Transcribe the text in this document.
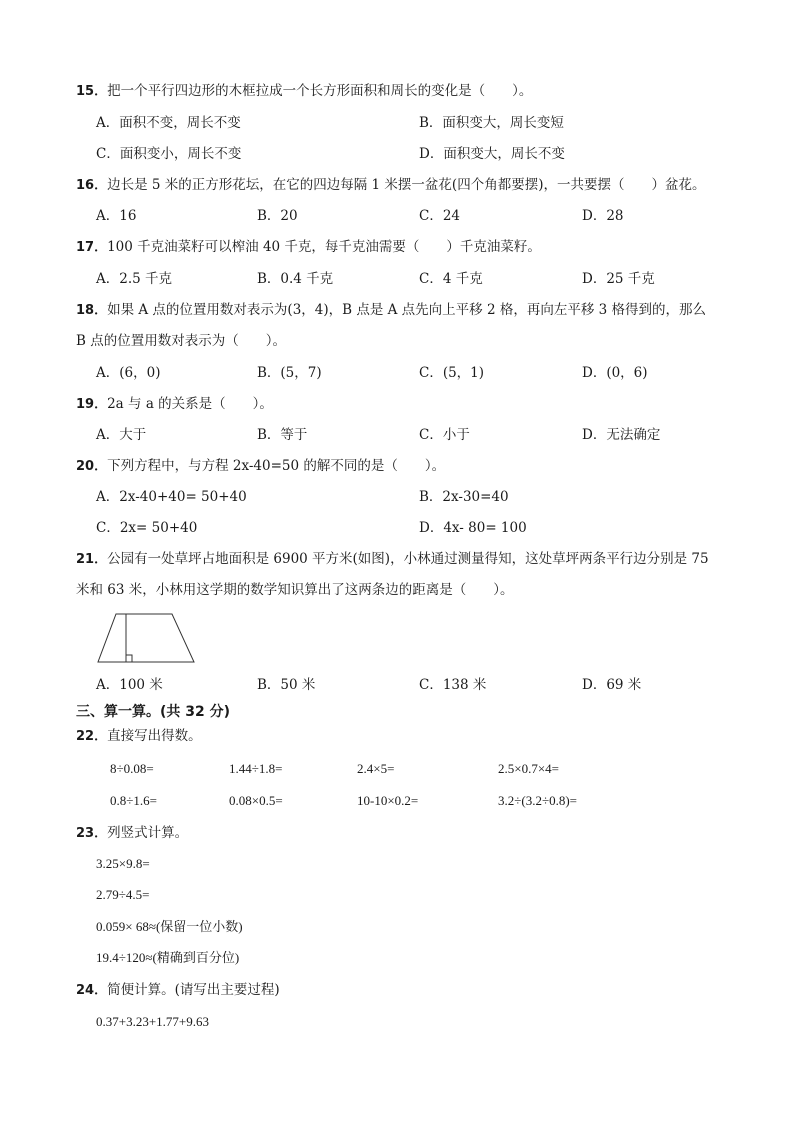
15．把一个平行四边形的木框拉成一个长方形面积和周长的变化是（　　）。
A．面积不变，周长不变	B．面积变大，周长变短
C．面积变小，周长不变	D．面积变大，周长不变
16．边长是 5 米的正方形花坛，在它的四边每隔 1 米摆一盆花(四个角都要摆)，一共要摆（　　）盆花。
A．16	B．20	C．24	D．28
17．100 千克油菜籽可以榨油 40 千克，每千克油需要（　　）千克油菜籽。
A．2.5 千克	B．0.4 千克	C．4 千克	D．25 千克
18．如果 A 点的位置用数对表示为(3，4)，B 点是 A 点先向上平移 2 格，再向左平移 3 格得到的，那么
B 点的位置用数对表示为（　　）。
A．(6，0)	B．(5，7)	C．(5，1)	D．(0，6)
19．2a 与 a 的关系是（　　）。
A．大于	B．等于	C．小于	D．无法确定
20．下列方程中，与方程 2x-40=50 的解不同的是（　　）。
A．2x-40+40= 50+40	B．2x-30=40
C．2x= 50+40	D．4x- 80= 100
21．公园有一处草坪占地面积是 6900 平方米(如图)，小林通过测量得知，这处草坪两条平行边分别是 75
米和 63 米，小林用这学期的数学知识算出了这两条边的距离是（　　）。
A．100 米	B．50 米	C．138 米	D．69 米
三、算一算。(共 32 分)
22．直接写出得数。
8÷0.08=	1.44÷1.8=	2.4×5=	2.5×0.7×4=
0.8÷1.6=	0.08×0.5=	10-10×0.2=	3.2÷(3.2÷0.8)=
23．列竖式计算。
3.25×9.8=
2.79÷4.5=
0.059× 68≈(保留一位小数)
19.4÷120≈(精确到百分位)
24．简便计算。(请写出主要过程)
0.37+3.23+1.77+9.63
